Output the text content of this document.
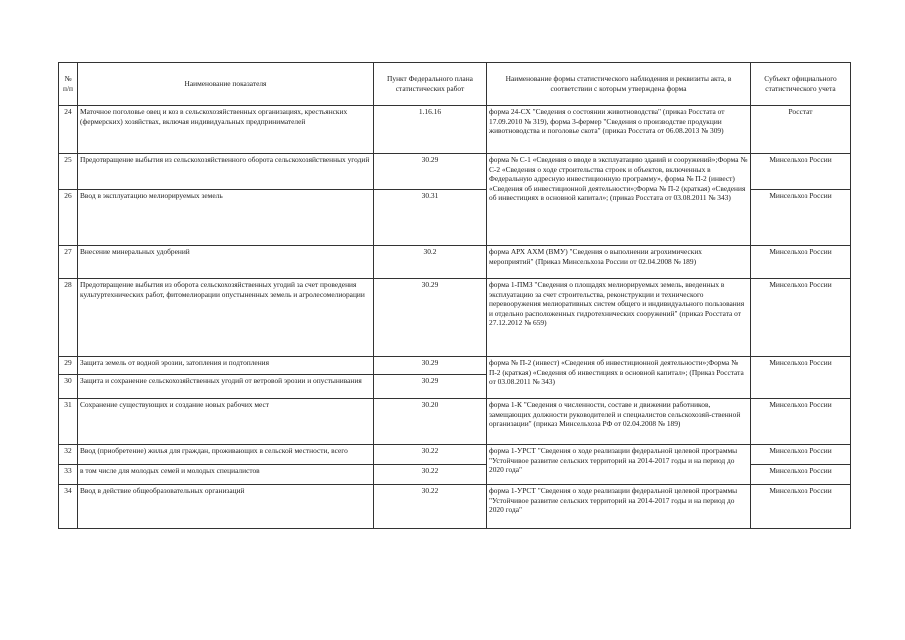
№
п/п	Наименование показателя	Пункт Федерального плана статистических работ	Наименование формы статистического наблюдения и реквизиты акта, в соответствии с которым утверждена форма	Субъект официального статистического учета
24	Маточное поголовье овец и коз в сельскохозяйственных организациях, крестьянских (фермерских) хозяйствах, включая индивидуальных предпринимателей	1.16.16	форма 24-СХ "Сведения о состоянии животноводства" (приказ Росстата от 17.09.2010 № 319), форма 3-фермер "Сведения о производстве продукции животноводства и поголовье скота" (приказ Росстата от 06.08.2013 № 309)	Росстат
25	Предотвращение выбытия из сельскохозяйственного оборота сельскохозяйственных угодий	30.29	форма № С-1 «Сведения о вводе в эксплуатацию зданий и сооружений»;Форма № С-2 «Сведения о ходе строительства строек и объектов, включенных в Федеральную адресную инвестиционную программу», форма № П-2 (инвест) «Сведения об инвестиционной деятельности»;Форма № П-2 (краткая) «Сведения об инвестициях в основной капитал»; (приказ Росстата от 03.08.2011 № 343)	Минсельхоз России
26	Ввод в эксплуатацию мелиорируемых земель	30.31		Минсельхоз России
27	Внесение минеральных удобрений	30.2	форма АРХ АХМ (ВМУ) "Сведения о выполнении агрохимических мероприятий" (Приказ Минсельхоза России от 02.04.2008 № 189)	Минсельхоз России
28	Предотвращение выбытия из оборота сельскохозяйственных угодий за счет проведения культуртехнических работ, фитомелиорации опустыненных земель и агролесомелиорации	30.29	форма 1-ПМЗ "Сведения о площадях мелиорируемых земель, введенных в эксплуатацию за счет строительства, реконструкции и технического перевооружения мелиоративных систем общего и индивидуального пользования и отдельно расположенных гидротехнических сооружений" (приказ Росстата от 27.12.2012 № 659)	Минсельхоз России
29	Защита земель от водной эрозии, затопления и подтопления	30.29	форма № П-2 (инвест) «Сведения об инвестиционной деятельности»;Форма № П-2 (краткая) «Сведения об инвестициях в основной капитал»; (Приказ Росстата от 03.08.2011 № 343)	Минсельхоз России
30	Защита и сохранение сельскохозяйственных угодий от ветровой эрозии и опустынивания	30.29		
31	Сохранение существующих и создание новых рабочих мест	30.20	форма 1-К "Сведения о численности, составе и движении работников, замещающих должности руководителей и специалистов сельскохозяй-ственной организации" (приказ Минсельхоза РФ от 02.04.2008 № 189)	Минсельхоз России
32	Ввод (приобретение) жилья для граждан, проживающих в сельской местности, всего	30.22	форма 1-УРСТ "Сведения о ходе реализации федеральной целевой программы "Устойчивое развитие сельских территорий на 2014-2017 годы и на период до 2020 года"	Минсельхоз России
33	в том числе для молодых семей и молодых специалистов	30.22		Минсельхоз России
34	Ввод в действие общеобразовательных организаций	30.22	форма 1-УРСТ "Сведения о ходе реализации федеральной целевой программы "Устойчивое развитие сельских территорий на 2014-2017 годы и на период до 2020 года"	Минсельхоз России
